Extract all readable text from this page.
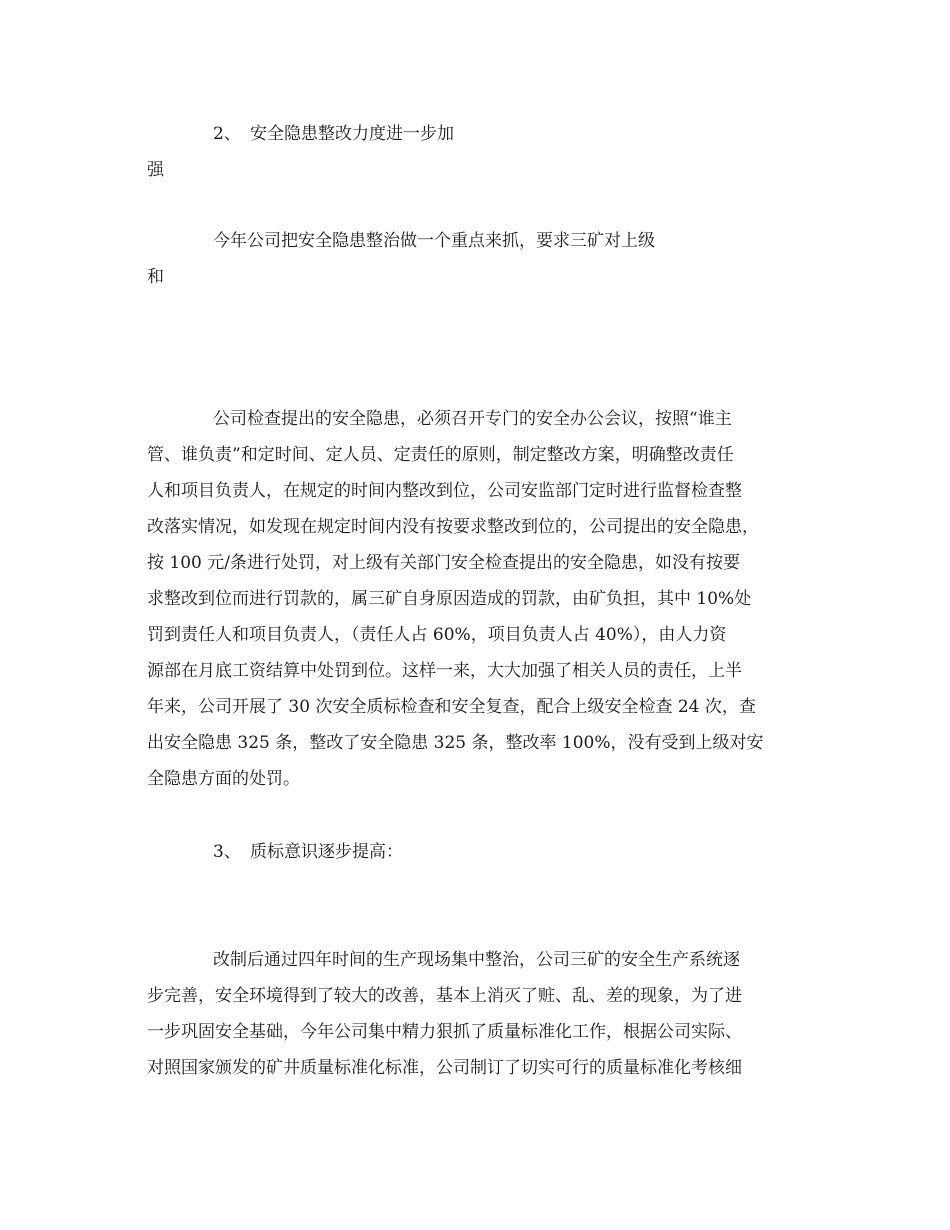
2、 安全隐患整改力度进一步加
强
今年公司把安全隐患整治做一个重点来抓，要求三矿对上级
和
公司检查提出的安全隐患，必须召开专门的安全办公会议，按照“谁主
管、谁负责”和定时间、定人员、定责任的原则，制定整改方案，明确整改责任
人和项目负责人，在规定的时间内整改到位，公司安监部门定时进行监督检查整
改落实情况，如发现在规定时间内没有按要求整改到位的，公司提出的安全隐患，
按 100 元/条进行处罚，对上级有关部门安全检查提出的安全隐患，如没有按要
求整改到位而进行罚款的，属三矿自身原因造成的罚款，由矿负担，其中 10%处
罚到责任人和项目负责人，（责任人占 60%，项目负责人占 40%），由人力资
源部在月底工资结算中处罚到位。这样一来，大大加强了相关人员的责任，上半
年来，公司开展了 30 次安全质标检查和安全复查，配合上级安全检查 24 次，查
出安全隐患 325 条，整改了安全隐患 325 条，整改率 100%，没有受到上级对安
全隐患方面的处罚。
3、 质标意识逐步提高：
改制后通过四年时间的生产现场集中整治，公司三矿的安全生产系统逐
步完善，安全环境得到了较大的改善，基本上消灭了赃、乱、差的现象，为了进
一步巩固安全基础，今年公司集中精力狠抓了质量标准化工作，根据公司实际、
对照国家颁发的矿井质量标准化标准，公司制订了切实可行的质量标准化考核细
